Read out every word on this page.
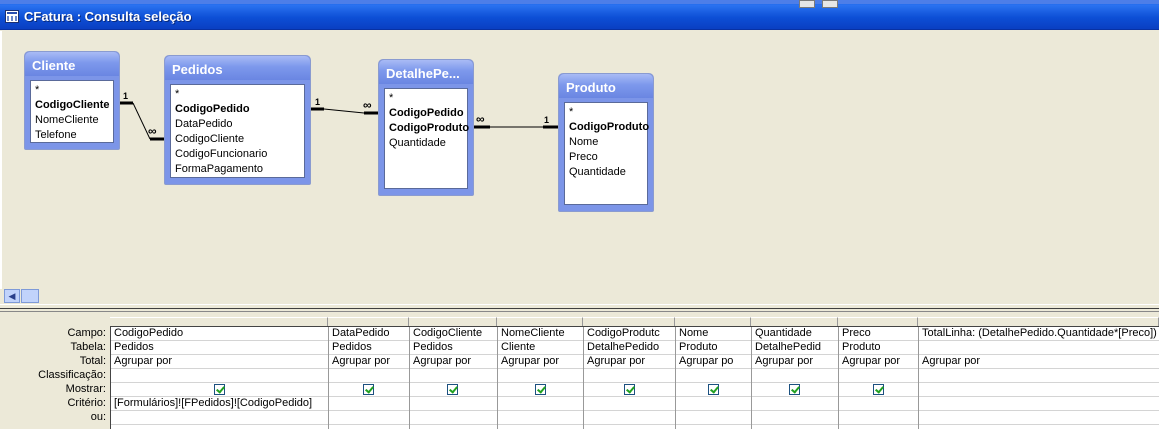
CFatura : Consulta seleção
1
∞
1	∞
∞	1
Cliente
*
CodigoCliente
NomeCliente
Telefone
Pedidos
*
CodigoPedido
DataPedido
CodigoCliente
CodigoFuncionario
FormaPagamento
DetalhePe...
*
CodigoPedido
CodigoProduto
Quantidade
Produto
*
CodigoProduto
Nome
Preco
Quantidade
◀
Campo:
Tabela:
Total:
Classificação:
Mostrar:
Critério:
ou:
CodigoPedido
Pedidos
Agrupar por
[Formulários]![FPedidos]![CodigoPedido]
DataPedido
Pedidos
Agrupar por
CodigoCliente
Pedidos
Agrupar por
NomeCliente
Cliente
Agrupar por
CodigoProdutc
DetalhePedido
Agrupar por
Nome
Produto
Agrupar po
Quantidade
DetalhePedid​
Agrupar por
Preco
Produto
Agrupar por
TotalLinha: (DetalhePedido.Quantidade*[Preco])
Agrupar por
